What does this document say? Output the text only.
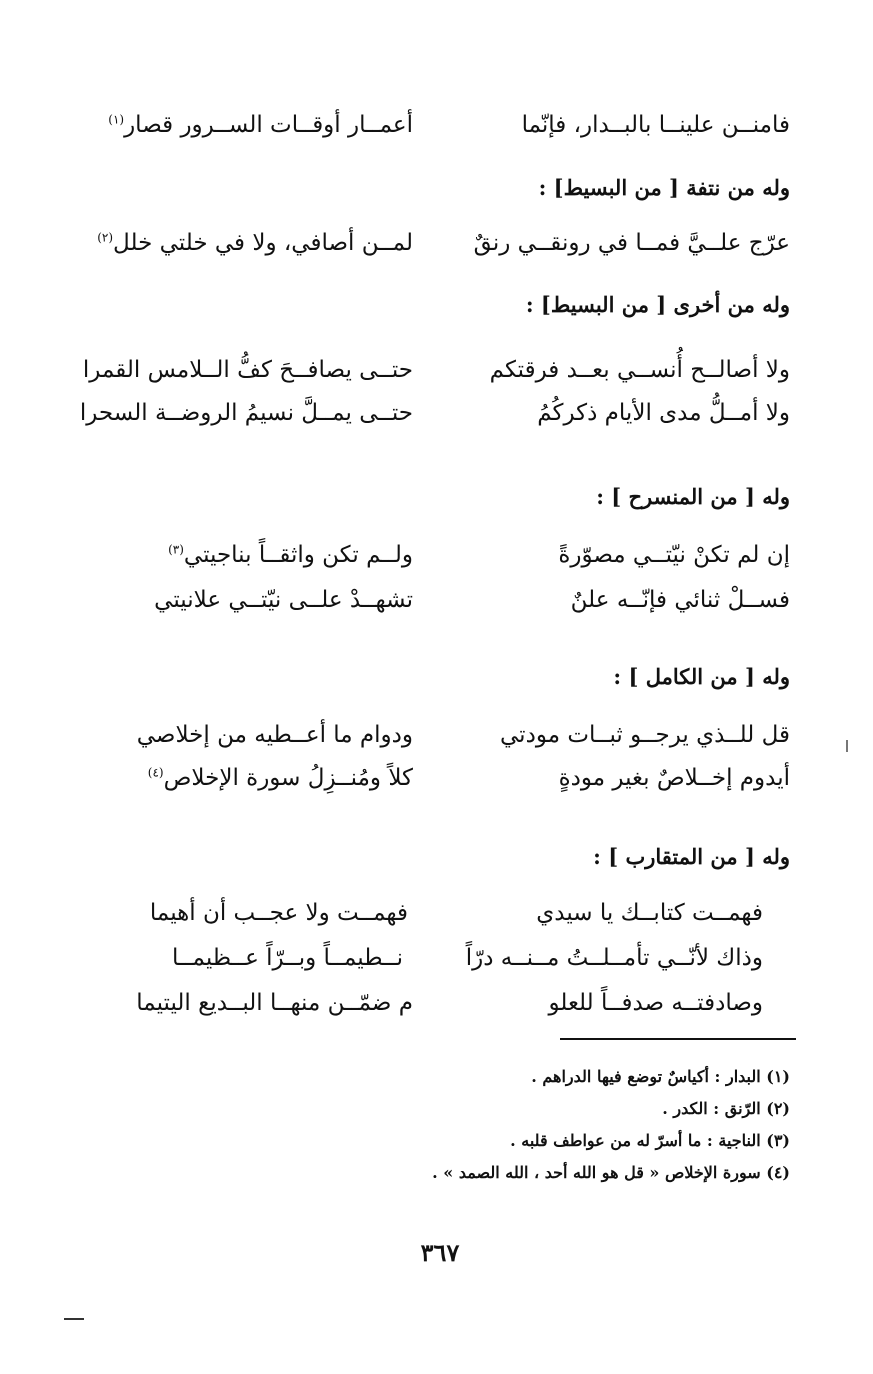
فامنــن علينــا بالبــدار، فإنّما
أعمــار أوقــات الســرور قصار$^{(١)}$
وله من نتفة [ من البسيط] :
عرّج علــيَّ فمــا في رونقــي رنقٌ
لمــن أصافي، ولا في خلتي خلل$^{(٢)}$
وله من أخرى [ من البسيط] :
ولا أصالــح أُنســي بعــد فرقتكم
حتــى يصافــحَ كفُّ الــلامس القمرا
ولا أمــلُّ مدى الأيام ذكركُمُ
حتــى يمــلَّ نسيمُ الروضــة السحرا
وله [ من المنسرح ] :
إن لم تكنْ نيّتــي مصوّرةً
ولــم تكن واثقــاً بناجيتي$^{(٣)}$
فســلْ ثنائي فإنّــه علنٌ
تشهــدْ علــى نيّتــي علانيتي
وله [ من الكامل ] :
قل للــذي يرجــو ثبــات مودتي
ودوام ما أعــطيه من إخلاصي
أيدوم إخــلاصٌ بغير مودةٍ
كلاً ومُنــزِلُ سورة الإخلاص$^{(٤)}$
وله [ من المتقارب ] :
فهمــت كتابــك يا سيدي
فهمــت ولا عجــب أن أهيما
وذاك لأنّــي تأمــلــتُ مــنــه درّاً
نــطيمــاً وبــرّاً عــظيمــا
وصادفتــه صدفــاً للعلو
م ضمّــن منهــا البــديع اليتيما
(١) البدار : أكياسٌ توضع فيها الدراهم .
(٢) الرّنق : الكدر .
(٣) الناجية : ما أسرّ له من عواطف قلبه .
(٤) سورة الإخلاص « قل هو الله أحد ، الله الصمد » .
٣٦٧
